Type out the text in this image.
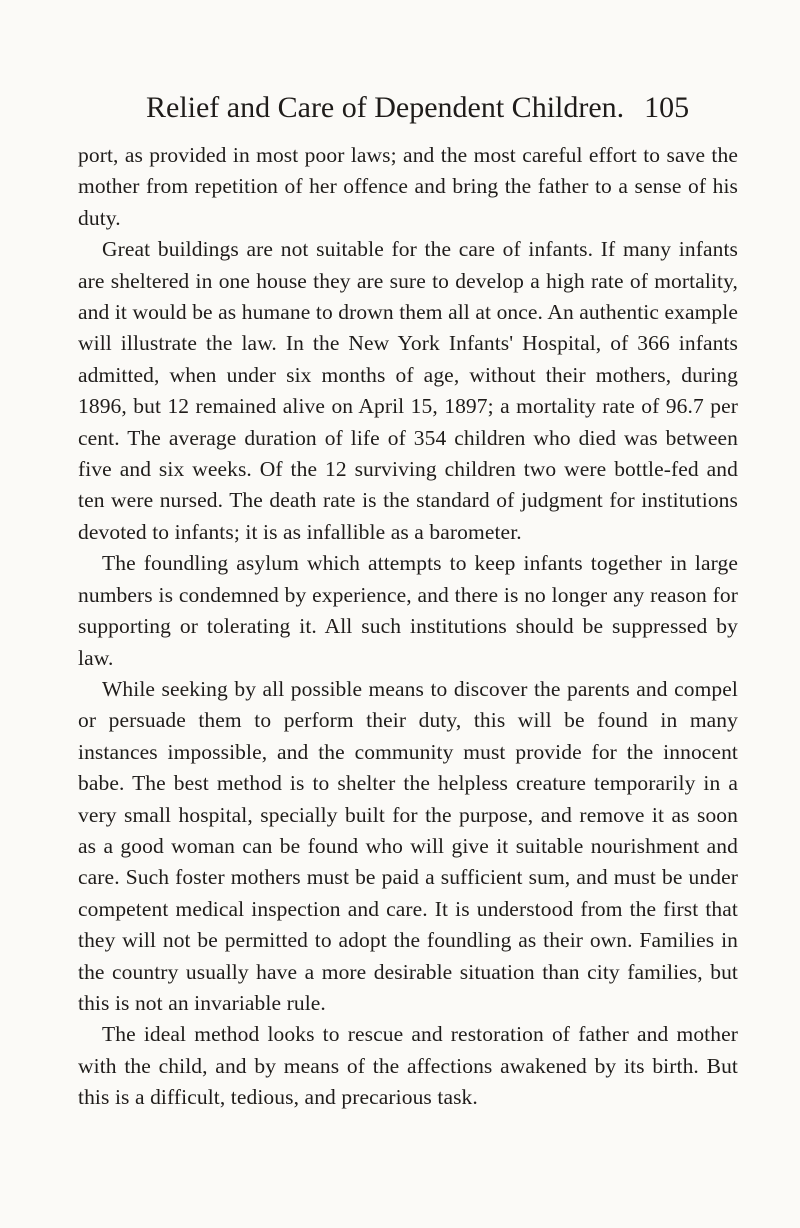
Relief and Care of Dependent Children. 105

port, as provided in most poor laws; and the most careful effort to save the mother from repetition of her offence and bring the father to a sense of his duty.

Great buildings are not suitable for the care of infants. If many infants are sheltered in one house they are sure to develop a high rate of mortality, and it would be as humane to drown them all at once. An authentic example will illustrate the law. In the New York Infants' Hospital, of 366 infants admitted, when under six months of age, without their mothers, during 1896, but 12 remained alive on April 15, 1897; a mortality rate of 96.7 per cent. The average duration of life of 354 children who died was between five and six weeks. Of the 12 surviving children two were bottle-fed and ten were nursed. The death rate is the standard of judgment for institutions devoted to infants; it is as infallible as a barometer.

The foundling asylum which attempts to keep infants together in large numbers is condemned by experience, and there is no longer any reason for supporting or tolerating it. All such institutions should be suppressed by law.

While seeking by all possible means to discover the parents and compel or persuade them to perform their duty, this will be found in many instances impossible, and the community must provide for the innocent babe. The best method is to shelter the helpless creature temporarily in a very small hospital, specially built for the purpose, and remove it as soon as a good woman can be found who will give it suitable nourishment and care. Such foster mothers must be paid a sufficient sum, and must be under competent medical inspection and care. It is understood from the first that they will not be permitted to adopt the foundling as their own. Families in the country usually have a more desirable situation than city families, but this is not an invariable rule.

The ideal method looks to rescue and restoration of father and mother with the child, and by means of the affections awakened by its birth. But this is a difficult, tedious, and precarious task.
